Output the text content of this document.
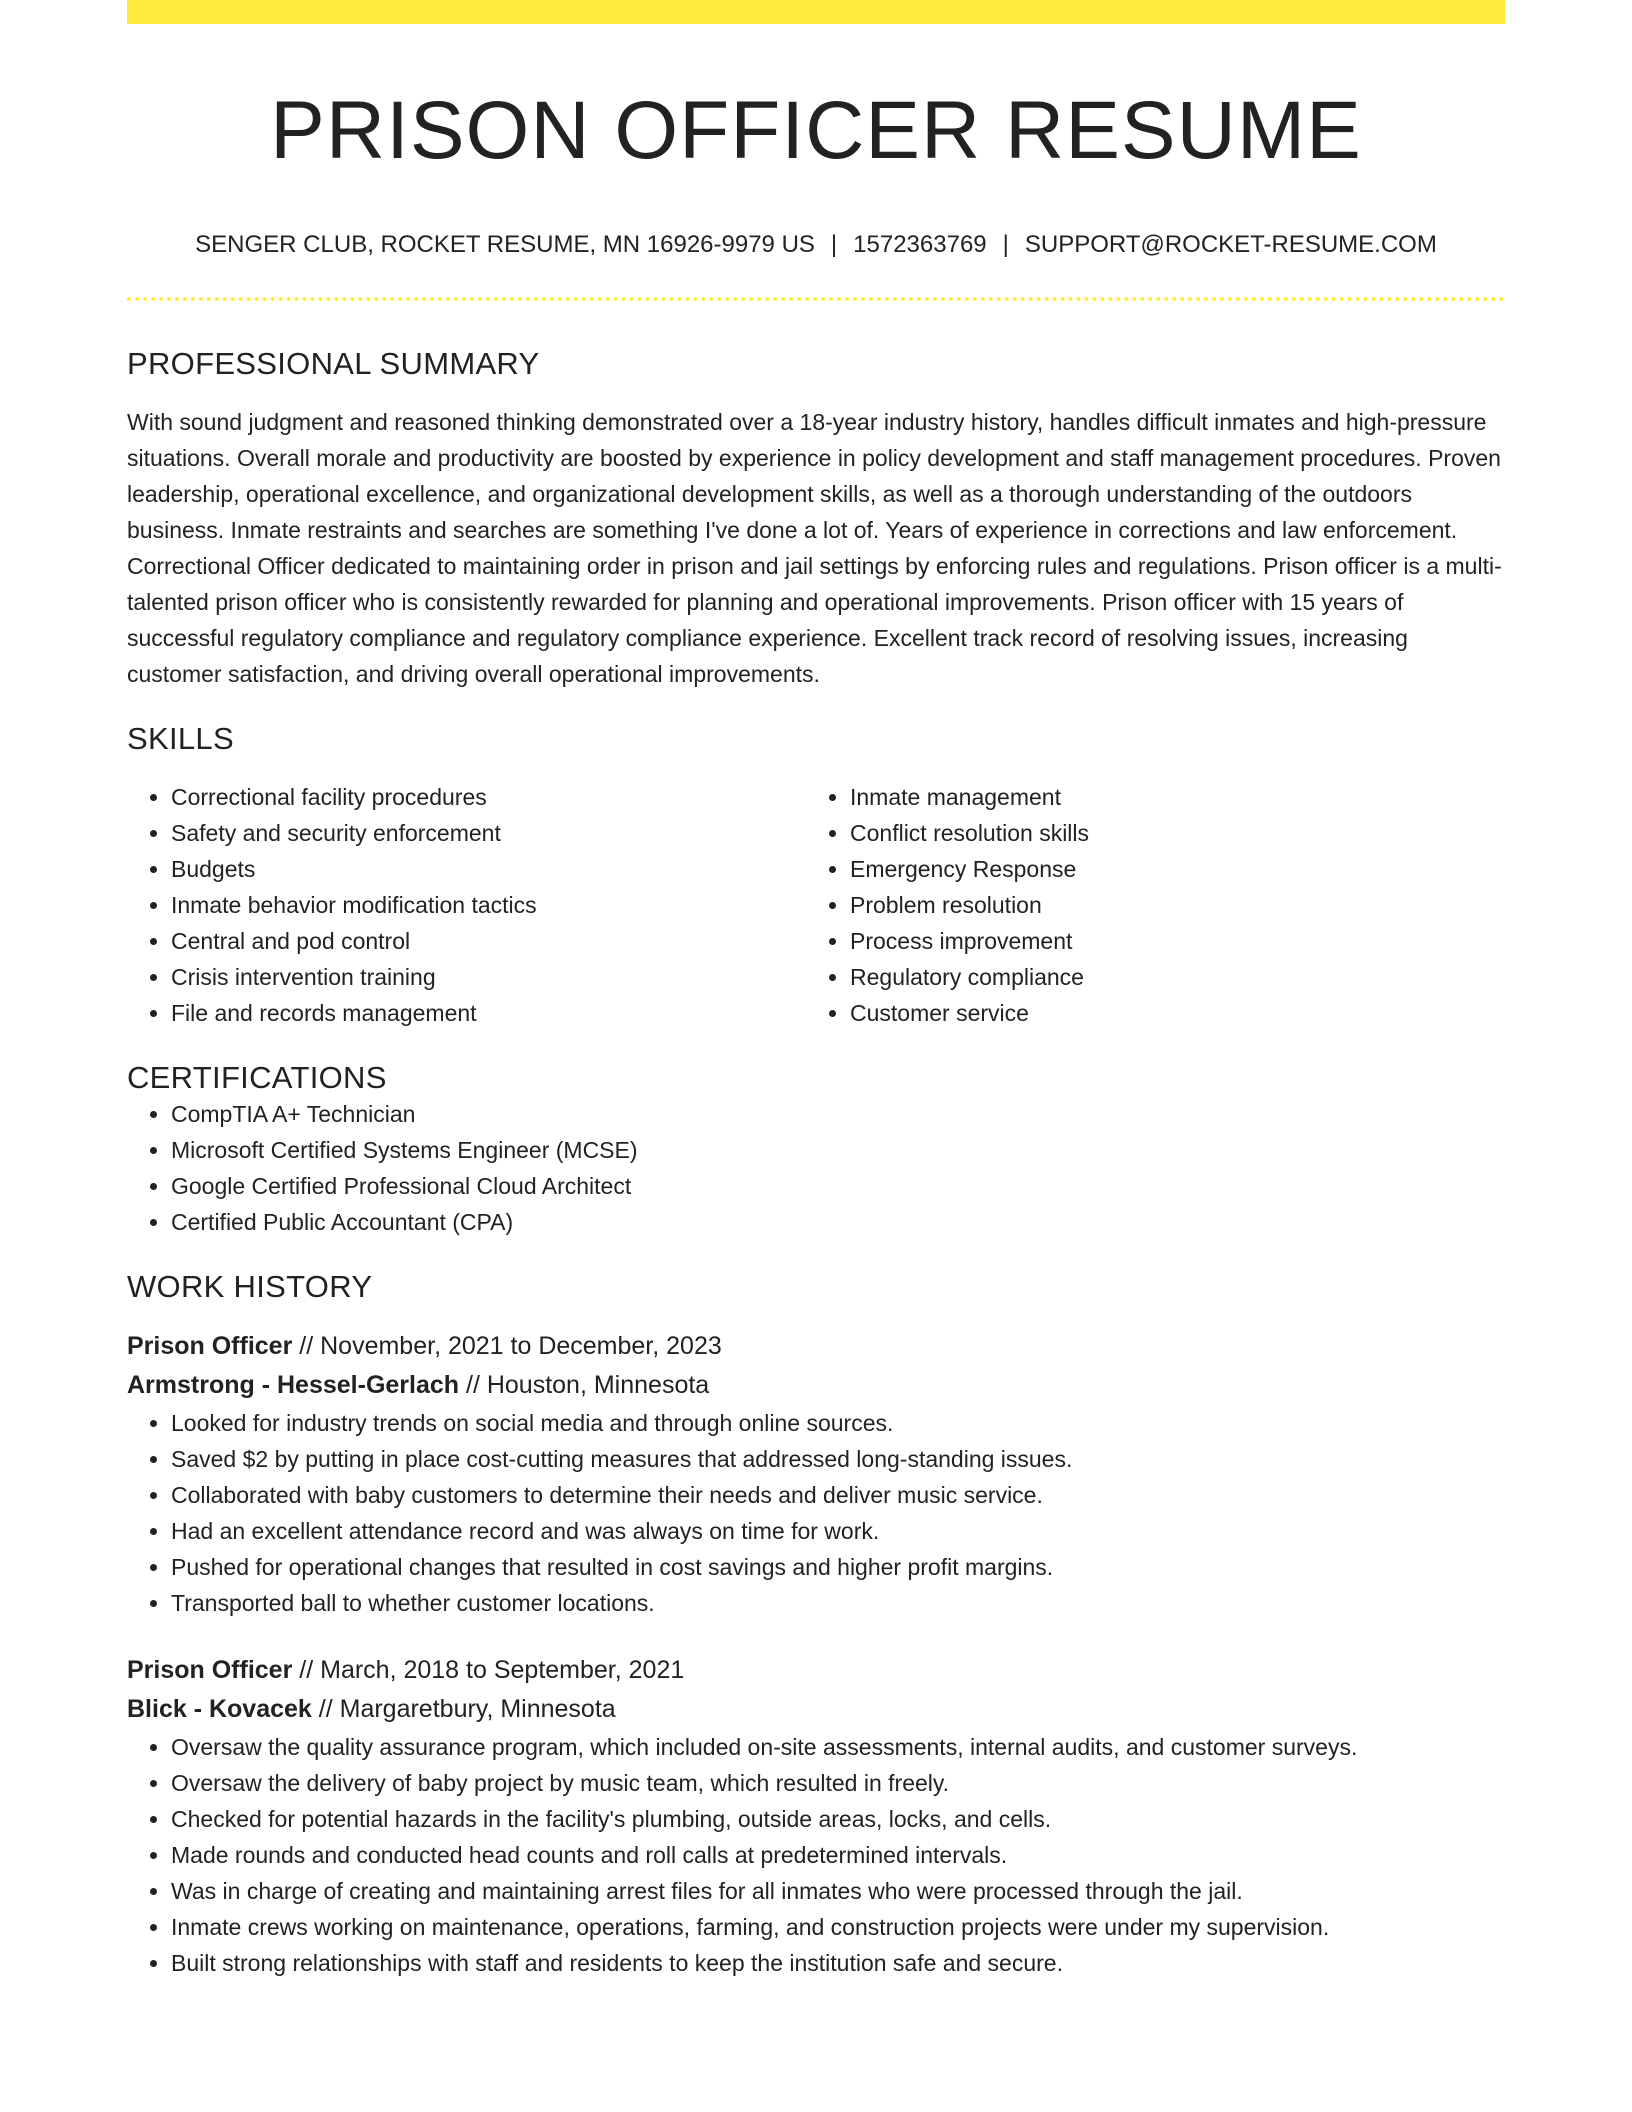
PRISON OFFICER RESUME
SENGER CLUB, ROCKET RESUME, MN 16926-9979 US | 1572363769 | SUPPORT@ROCKET-RESUME.COM
PROFESSIONAL SUMMARY

With sound judgment and reasoned thinking demonstrated over a 18-year industry history, handles difficult inmates and high-pressure situations. Overall morale and productivity are boosted by experience in policy development and staff management procedures. Proven leadership, operational excellence, and organizational development skills, as well as a thorough understanding of the outdoors business. Inmate restraints and searches are something I've done a lot of. Years of experience in corrections and law enforcement. Correctional Officer dedicated to maintaining order in prison and jail settings by enforcing rules and regulations. Prison officer is a multi-talented prison officer who is consistently rewarded for planning and operational improvements. Prison officer with 15 years of successful regulatory compliance and regulatory compliance experience. Excellent track record of resolving issues, increasing customer satisfaction, and driving overall operational improvements.

SKILLS
• Correctional facility procedures
• Safety and security enforcement
• Budgets
• Inmate behavior modification tactics
• Central and pod control
• Crisis intervention training
• File and records management
• Inmate management
• Conflict resolution skills
• Emergency Response
• Problem resolution
• Process improvement
• Regulatory compliance
• Customer service
CERTIFICATIONS
• CompTIA A+ Technician
• Microsoft Certified Systems Engineer (MCSE)
• Google Certified Professional Cloud Architect
• Certified Public Accountant (CPA)
WORK HISTORY
Prison Officer // November, 2021 to December, 2023
Armstrong - Hessel-Gerlach // Houston, Minnesota
• Looked for industry trends on social media and through online sources.
• Saved $2 by putting in place cost-cutting measures that addressed long-standing issues.
• Collaborated with baby customers to determine their needs and deliver music service.
• Had an excellent attendance record and was always on time for work.
• Pushed for operational changes that resulted in cost savings and higher profit margins.
• Transported ball to whether customer locations.
Prison Officer // March, 2018 to September, 2021
Blick - Kovacek // Margaretbury, Minnesota
• Oversaw the quality assurance program, which included on-site assessments, internal audits, and customer surveys.
• Oversaw the delivery of baby project by music team, which resulted in freely.
• Checked for potential hazards in the facility's plumbing, outside areas, locks, and cells.
• Made rounds and conducted head counts and roll calls at predetermined intervals.
• Was in charge of creating and maintaining arrest files for all inmates who were processed through the jail.
• Inmate crews working on maintenance, operations, farming, and construction projects were under my supervision.
• Built strong relationships with staff and residents to keep the institution safe and secure.
